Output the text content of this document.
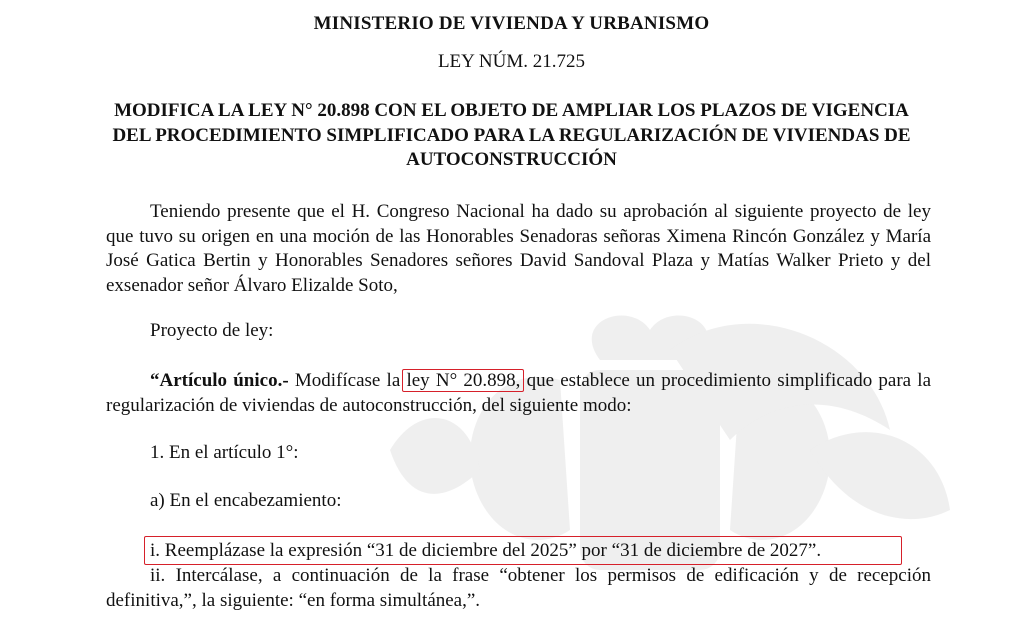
MINISTERIO DE VIVIENDA Y URBANISMO
LEY NÚM. 21.725
MODIFICA LA LEY N° 20.898 CON EL OBJETO DE AMPLIAR LOS PLAZOS DE VIGENCIA DEL PROCEDIMIENTO SIMPLIFICADO PARA LA REGULARIZACIÓN DE VIVIENDAS DE AUTOCONSTRUCCIÓN
Teniendo presente que el H. Congreso Nacional ha dado su aprobación al siguiente proyecto de ley que tuvo su origen en una moción de las Honorables Senadoras señoras Ximena Rincón González y María José Gatica Bertin y Honorables Senadores señores David Sandoval Plaza y Matías Walker Prieto y del exsenador señor Álvaro Elizalde Soto,
Proyecto de ley:
“Artículo único.- Modifícase la ley N° 20.898, que establece un procedimiento simplificado para la regularización de viviendas de autoconstrucción, del siguiente modo:
1. En el artículo 1°:
a) En el encabezamiento:
i. Reemplázase la expresión “31 de diciembre del 2025” por “31 de diciembre de 2027”.
ii. Intercálase, a continuación de la frase “obtener los permisos de edificación y de recepción definitiva,”, la siguiente: “en forma simultánea,”.
